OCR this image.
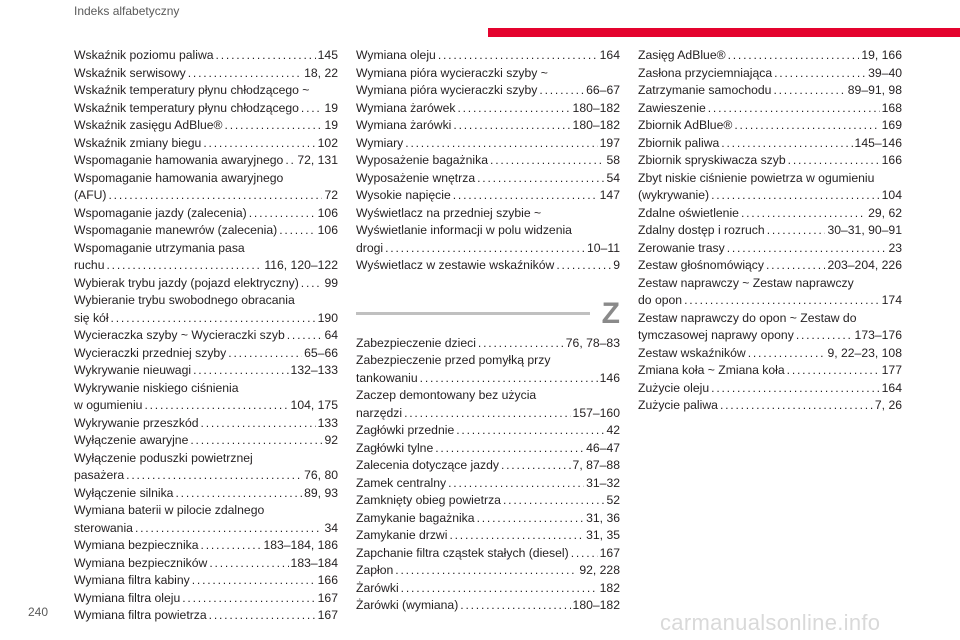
Indeks alfabetyczny
Wskaźnik poziomu paliwa . . .	145
Wskaźnik serwisowy . . .	18, 22
Wskaźnik temperatury płynu chłodzącego ~
Wskaźnik temperatury płynu chłodzącego . . . 19
Wskaźnik zasięgu AdBlue® . . .	19
Wskaźnik zmiany biegu . . .	102
Wspomaganie hamowania awaryjnego . . . 72, 131
Wspomaganie hamowania awaryjnego
(AFU) . . .	72
Wspomaganie jazdy (zalecenia) . . .	106
Wspomaganie manewrów (zalecenia) . . .	106
Wspomaganie utrzymania pasa
ruchu . . .	116, 120–122
Wybierak trybu jazdy (pojazd elektryczny) . . . 99
Wybieranie trybu swobodnego obracania
się kół . . .	190
Wycieraczka szyby ~ Wycieraczki szyb . . .	64
Wycieraczki przedniej szyby . . .	65–66
Wykrywanie nieuwagi . . .	132–133
Wykrywanie niskiego ciśnienia
w ogumieniu . . .	104, 175
Wykrywanie przeszkód . . .	133
Wyłączenie awaryjne . . .	92
Wyłączenie poduszki powietrznej
pasażera . . .	76, 80
Wyłączenie silnika . . .	89, 93
Wymiana baterii w pilocie zdalnego
sterowania . . .	34
Wymiana bezpiecznika . . .	183–184, 186
Wymiana bezpieczników . . .	183–184
Wymiana filtra kabiny . . .	166
Wymiana filtra oleju . . .	167
Wymiana filtra powietrza . . .	167
Wymiana oleju . . .	164
Wymiana pióra wycieraczki szyby ~
Wymiana pióra wycieraczki szyby . . .	66–67
Wymiana żarówek . . .	180–182
Wymiana żarówki . . .	180–182
Wymiary . . .	197
Wyposażenie bagażnika . . .	58
Wyposażenie wnętrza . . .	54
Wysokie napięcie . . .	147
Wyświetlacz na przedniej szybie ~
Wyświetlanie informacji w polu widzenia
drogi . . .	10–11
Wyświetlacz w zestawie wskaźników . . .	9
Z
Zabezpieczenie dzieci . . .	76, 78–83
Zabezpieczenie przed pomyłką przy
tankowaniu . . .	146
Zaczep demontowany bez użycia
narzędzi . . .	157–160
Zagłówki przednie . . .	42
Zagłówki tylne . . .	46–47
Zalecenia dotyczące jazdy . . .	7, 87–88
Zamek centralny . . .	31–32
Zamknięty obieg powietrza . . .	52
Zamykanie bagażnika . . .	31, 36
Zamykanie drzwi . . .	31, 35
Zapchanie filtra cząstek stałych (diesel) . . .	167
Zapłon . . .	92, 228
Żarówki . . .	182
Żarówki (wymiana) . . .	180–182
Zasięg AdBlue® . . .	19, 166
Zasłona przyciemniająca . . .	39–40
Zatrzymanie samochodu . . .	89–91, 98
Zawieszenie . . .	168
Zbiornik AdBlue® . . .	169
Zbiornik paliwa . . .	145–146
Zbiornik spryskiwacza szyb . . .	166
Zbyt niskie ciśnienie powietrza w ogumieniu
(wykrywanie) . . .	104
Zdalne oświetlenie . . .	29, 62
Zdalny dostęp i rozruch . . .	30–31, 90–91
Zerowanie trasy . . .	23
Zestaw głośnomówiący . . .	203–204, 226
Zestaw naprawczy ~ Zestaw naprawczy
do opon . . .	174
Zestaw naprawczy do opon ~ Zestaw do
tymczasowej naprawy opony . . .	173–176
Zestaw wskaźników . . .	9, 22–23, 108
Zmiana koła ~ Zmiana koła . . .	177
Zużycie oleju . . .	164
Zużycie paliwa . . .	7, 26
240	carmanualsonline.info
